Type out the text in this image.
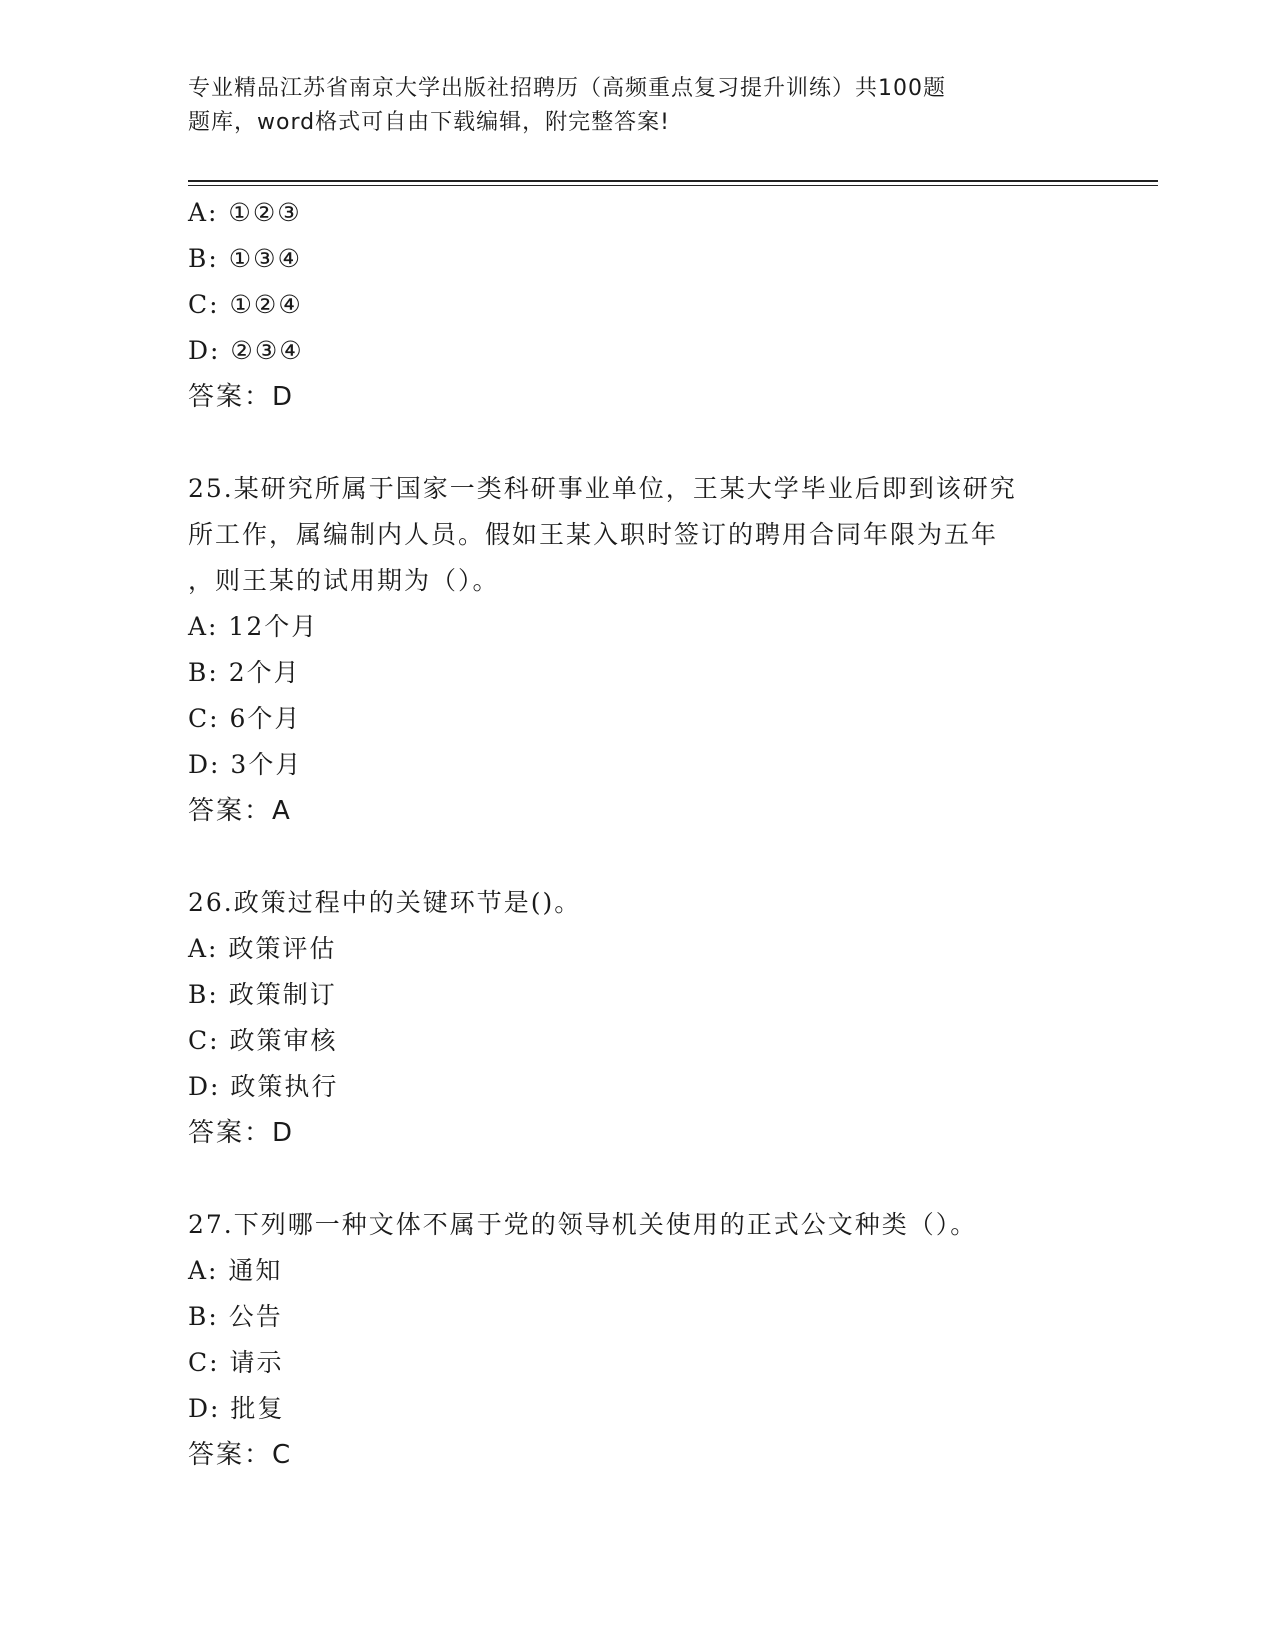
专业精品江苏省南京大学出版社招聘历（高频重点复习提升训练）共100题
题库，word格式可自由下载编辑，附完整答案!
A: ①②③
B: ①③④
C: ①②④
D: ②③④
答案：D
25.某研究所属于国家一类科研事业单位，王某大学毕业后即到该研究
所工作，属编制内人员。假如王某入职时签订的聘用合同年限为五年
，则王某的试用期为（）。
A: 12个月
B: 2个月
C: 6个月
D: 3个月
答案：A
26.政策过程中的关键环节是()。
A: 政策评估
B: 政策制订
C: 政策审核
D: 政策执行
答案：D
27.下列哪一种文体不属于党的领导机关使用的正式公文种类（）。
A: 通知
B: 公告
C: 请示
D: 批复
答案：C
